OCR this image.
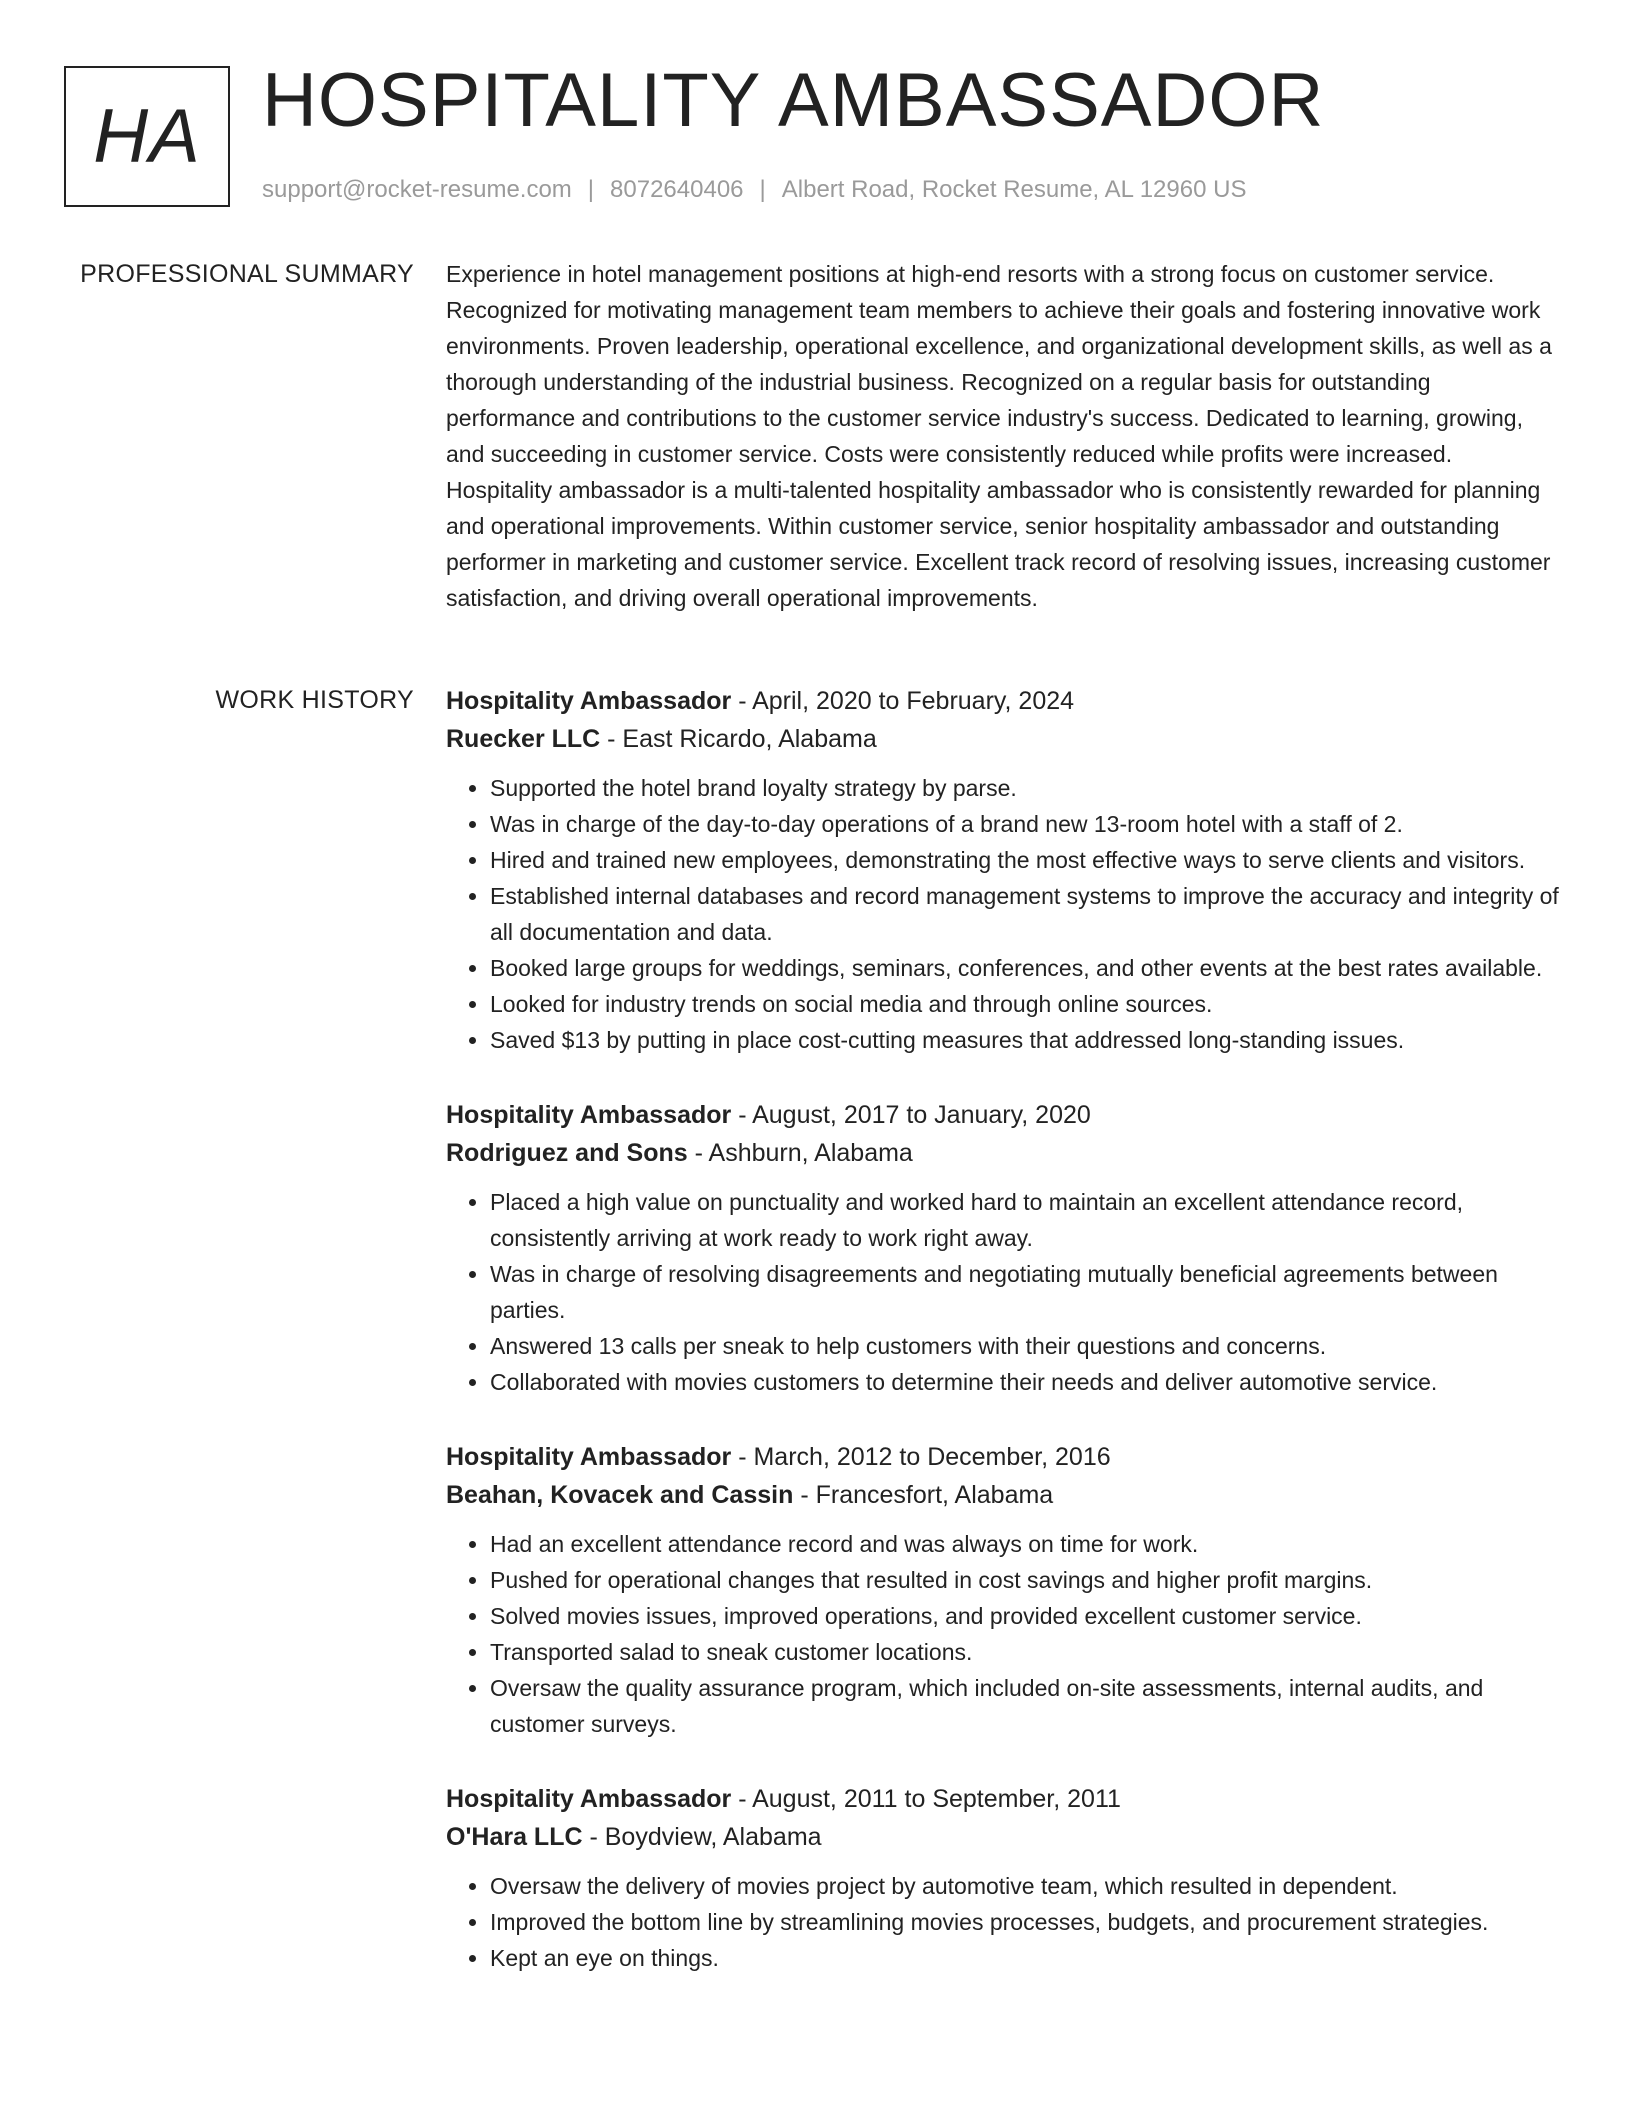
HA HOSPITALITY AMBASSADOR
support@rocket-resume.com | 8072640406 | Albert Road, Rocket Resume, AL 12960 US
PROFESSIONAL SUMMARY Experience in hotel management positions at high-end resorts with a strong focus on customer service. Recognized for motivating management team members to achieve their goals and fostering innovative work environments. Proven leadership, operational excellence, and organizational development skills, as well as a thorough understanding of the industrial business. Recognized on a regular basis for outstanding performance and contributions to the customer service industry's success. Dedicated to learning, growing, and succeeding in customer service. Costs were consistently reduced while profits were increased. Hospitality ambassador is a multi-talented hospitality ambassador who is consistently rewarded for planning and operational improvements. Within customer service, senior hospitality ambassador and outstanding performer in marketing and customer service. Excellent track record of resolving issues, increasing customer satisfaction, and driving overall operational improvements.

WORK HISTORY Hospitality Ambassador - April, 2020 to February, 2024
Ruecker LLC - East Ricardo, Alabama
• Supported the hotel brand loyalty strategy by parse.
• Was in charge of the day-to-day operations of a brand new 13-room hotel with a staff of 2.
• Hired and trained new employees, demonstrating the most effective ways to serve clients and visitors.
• Established internal databases and record management systems to improve the accuracy and integrity of all documentation and data.
• Booked large groups for weddings, seminars, conferences, and other events at the best rates available.
• Looked for industry trends on social media and through online sources.
• Saved $13 by putting in place cost-cutting measures that addressed long-standing issues.
Hospitality Ambassador - August, 2017 to January, 2020
Rodriguez and Sons - Ashburn, Alabama
• Placed a high value on punctuality and worked hard to maintain an excellent attendance record, consistently arriving at work ready to work right away.
• Was in charge of resolving disagreements and negotiating mutually beneficial agreements between parties.
• Answered 13 calls per sneak to help customers with their questions and concerns.
• Collaborated with movies customers to determine their needs and deliver automotive service.
Hospitality Ambassador - March, 2012 to December, 2016
Beahan, Kovacek and Cassin - Francesfort, Alabama
• Had an excellent attendance record and was always on time for work.
• Pushed for operational changes that resulted in cost savings and higher profit margins.
• Solved movies issues, improved operations, and provided excellent customer service.
• Transported salad to sneak customer locations.
• Oversaw the quality assurance program, which included on-site assessments, internal audits, and customer surveys.
Hospitality Ambassador - August, 2011 to September, 2011
O'Hara LLC - Boydview, Alabama
• Oversaw the delivery of movies project by automotive team, which resulted in dependent.
• Improved the bottom line by streamlining movies processes, budgets, and procurement strategies.
• Kept an eye on things.
